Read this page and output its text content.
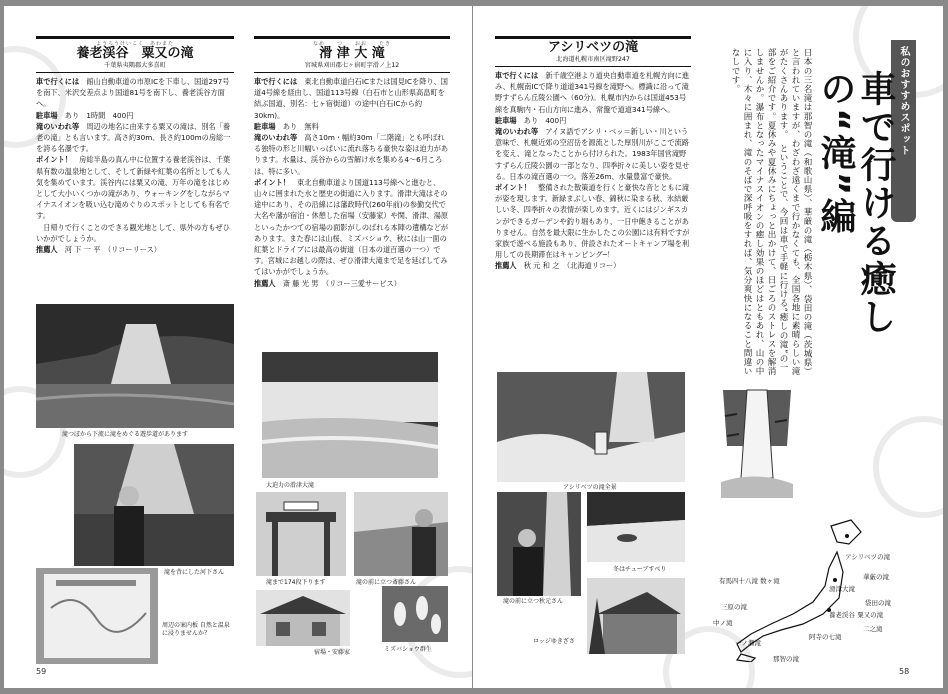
ようろうけいこく　あわまた
養老渓谷　粟又の滝
千葉県夷隅郡大多喜町

車で行くには　 館山自動車道の市原ICを下車し、国道297号を南下、米沢交差点より国道81号を南下し、養老渓谷方面へ。

駐車場　 あり　1時間　400円

滝のいわれ等　 周辺の地名に由来する粟又の滝は、別名「養老の滝」とも言います。高さ約30m、長さ約100mの房総一を誇る名瀑です。

ポイント！　 房総半島の真ん中に位置する養老渓谷は、千葉県有数の温泉地として、そして新緑や紅葉の名所としても人気を集めています。渓谷内には粟又の滝、万年の滝をはじめとして大小いくつかの滝があり、ウォーキングをしながらマイナスイオンを吸い込む滝めぐりのスポットとしても有名です。

　日帰りで行くことのできる観光地として、県外の方もぜひいかがでしょうか。

推薦人　 河 下 一 平　（リコーリース）

滝つぼから下流に滝をめぐる遊歩道があります
滝を背にした河下さん
周辺の案内板 自然と温泉に浸りませんか？
なめ　　つ　　おお　　たき
滑 津 大 滝
宮城県刈田郡七ヶ宿町字滑ノ上12

車で行くには　 東北自動車道白石ICまたは国見ICを降り、国道4号線を経由し、国道113号線（白石市と山形県高畠町を結ぶ国道、別名：七ヶ宿街道）の途中(白石ICから約30km)。

駐車場　 あり　無料

滝のいわれ等　 高さ10m・幅約30m「二階滝」とも呼ばれる独特の形と川幅いっぱいに流れ落ちる豪快な姿は迫力があります。水量は、渓谷からの雪解け水を集める4～6月ころは、特に多い。

ポイント！　 東北自動車道より国道113号線へと進むと、山々に囲まれた水と歴史の街道に入ります。滑津大滝はその途中にあり、その沿線には藩政時代(260年前)の参勤交代で大名や藩が宿泊・休憩した宿場（安藤家）や関、滑津、湯原といったかつての宿場の面影がしのばれる本陣の遺構などがあります。また春には山桜、ミズバショウ、秋には山一面の紅葉とドライブには最高の街道（日本の道百選の一つ）です。宮城にお越しの際は、ぜひ滑津大滝まで足を延ばしてみてはいかがでしょうか。

推薦人　 斎 藤 光 男　（リコー三愛サービス）

大迫力の滑津大滝
滝まで174段下ります	滝の前に立つ斎藤さん
宿場・安藤家	ミズバショウ群生
59
アシリベツの滝
北海道札幌市南区滝野247

車で行くには　 新千歳空港より道央自動車道を札幌方向に進み、札幌南ICで降り道道341号線を滝野へ。標識に沿って滝野すずらん丘陵公園へ（60分)。札幌市内からは国道453号線を真駒内・石山方向に進み、常盤で道道341号線へ。

駐車場　 あり　400円

滝のいわれ等　 アイヌ語でアシリ・ベッ＝新しい・川という意味で、札幌近郊の空沼岳を源流とした厚別川がここで流路を変え、滝となったことから付けられた。1983年国営滝野すずらん丘陵公園の一部となり、四季折々に美しい姿を見せる。日本の滝百選の一つ。落差26m、水量豊富で豪快。

ポイント！　 整備された散策道を行くと豪快な音とともに滝が姿を現します。新緑まぶしい春、錦秋に染まる秋、氷結厳しい冬、四季折々の表情が楽しめます。近くにはジンギスカンができるガーデンや釣り堀もあり、一日中飽きることがありません。自然を最大限に生かしたこの公園には有料ですが家族で遊べる施設もあり、併設されたオートキャンプ場を利用しての長期滞在はキャンピング─！

推薦人　 秋 元 和 之　（北海道リコー）

アシリベツの滝全景
滝の前に立つ秋元さん
冬はチューブすべり
ロッジゆきざさ
私のおすすめスポット
車で行ける癒しの“滝”編
日本の三名滝は那智の滝（和歌山県）、華厳の滝（栃木県）、袋田の滝（茨城県）と言われていますが、わざわざ遠くまで行かなくても、全国各地に素晴らしい滝がたくさんあります。　ということで、今回は車で手軽に行ける“癒しの滝”の一部をご紹介です。夏休みや夏休みにちょっと出かけて、日ごろのストレスを解消しませんか。瀑布となったマイナスイオンの癒し効果のほどはともあれ、山の中に入り、木々に囲まれ、滝のそばで深呼吸をすれば、気分爽快になること間違いなしです。
アシリベツの滝
滑津大滝
養老渓谷 粟又の滝
有馬四十八滝 数ヶ滝
三原の滝
阿寺の七滝
一ノ瀬滝
中ノ滝
華厳の滝
袋田の滝
那智の滝
二之滝
58
